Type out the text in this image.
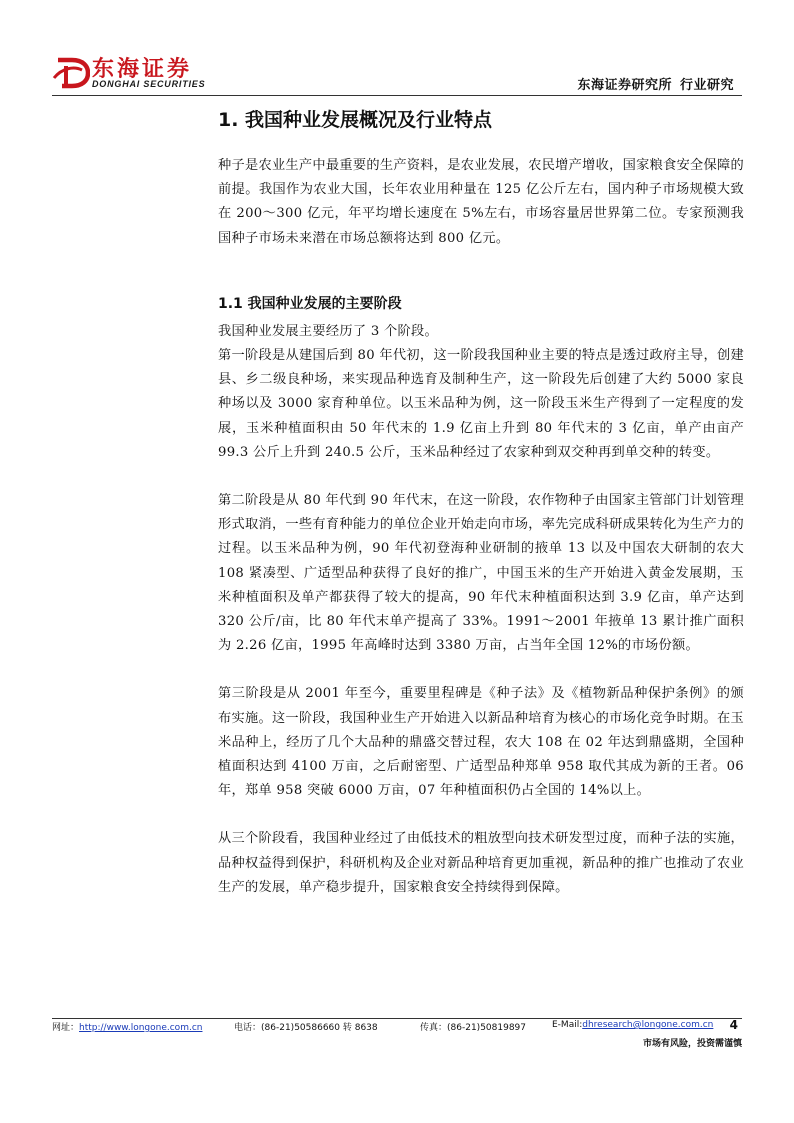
东海证券
DONGHAI SECURITIES	东海证券研究所 行业研究
1. 我国种业发展概况及行业特点

种子是农业生产中最重要的生产资料，是农业发展，农民增产增收，国家粮食安全保障的前提。我国作为农业大国，长年农业用种量在 125 亿公斤左右，国内种子市场规模大致在 200～300 亿元，年平均增长速度在 5%左右，市场容量居世界第二位。专家预测我国种子市场未来潜在市场总额将达到 800 亿元。

1.1 我国种业发展的主要阶段

我国种业发展主要经历了 3 个阶段。

第一阶段是从建国后到 80 年代初，这一阶段我国种业主要的特点是透过政府主导，创建县、乡二级良种场，来实现品种选育及制种生产，这一阶段先后创建了大约 5000 家良种场以及 3000 家育种单位。以玉米品种为例，这一阶段玉米生产得到了一定程度的发展，玉米种植面积由 50 年代末的 1.9 亿亩上升到 80 年代末的 3 亿亩，单产由亩产 99.3 公斤上升到 240.5 公斤，玉米品种经过了农家种到双交种再到单交种的转变。

第二阶段是从 80 年代到 90 年代末，在这一阶段，农作物种子由国家主管部门计划管理形式取消，一些有育种能力的单位企业开始走向市场，率先完成科研成果转化为生产力的过程。以玉米品种为例，90 年代初登海种业研制的掖单 13 以及中国农大研制的农大 108 紧凑型、广适型品种获得了良好的推广，中国玉米的生产开始进入黄金发展期，玉米种植面积及单产都获得了较大的提高，90 年代末种植面积达到 3.9 亿亩，单产达到 320 公斤/亩，比 80 年代末单产提高了 33%。1991～2001 年掖单 13 累计推广面积为 2.26 亿亩，1995 年高峰时达到 3380 万亩，占当年全国 12%的市场份额。

第三阶段是从 2001 年至今，重要里程碑是《种子法》及《植物新品种保护条例》的颁布实施。这一阶段，我国种业生产开始进入以新品种培育为核心的市场化竞争时期。在玉米品种上，经历了几个大品种的鼎盛交替过程，农大 108 在 02 年达到鼎盛期，全国种植面积达到 4100 万亩，之后耐密型、广适型品种郑单 958 取代其成为新的王者。06 年，郑单 958 突破 6000 万亩，07 年种植面积仍占全国的 14%以上。

从三个阶段看，我国种业经过了由低技术的粗放型向技术研发型过度，而种子法的实施，品种权益得到保护，科研机构及企业对新品种培育更加重视，新品种的推广也推动了农业生产的发展，单产稳步提升，国家粮食安全持续得到保障。

网址：http://www.longone.com.cn	电话：(86-21)50586660 转 8638	传真：(86-21)50819897	E-Mail:dhresearch@longone.com.cn 4
市场有风险，投资需谨慎
